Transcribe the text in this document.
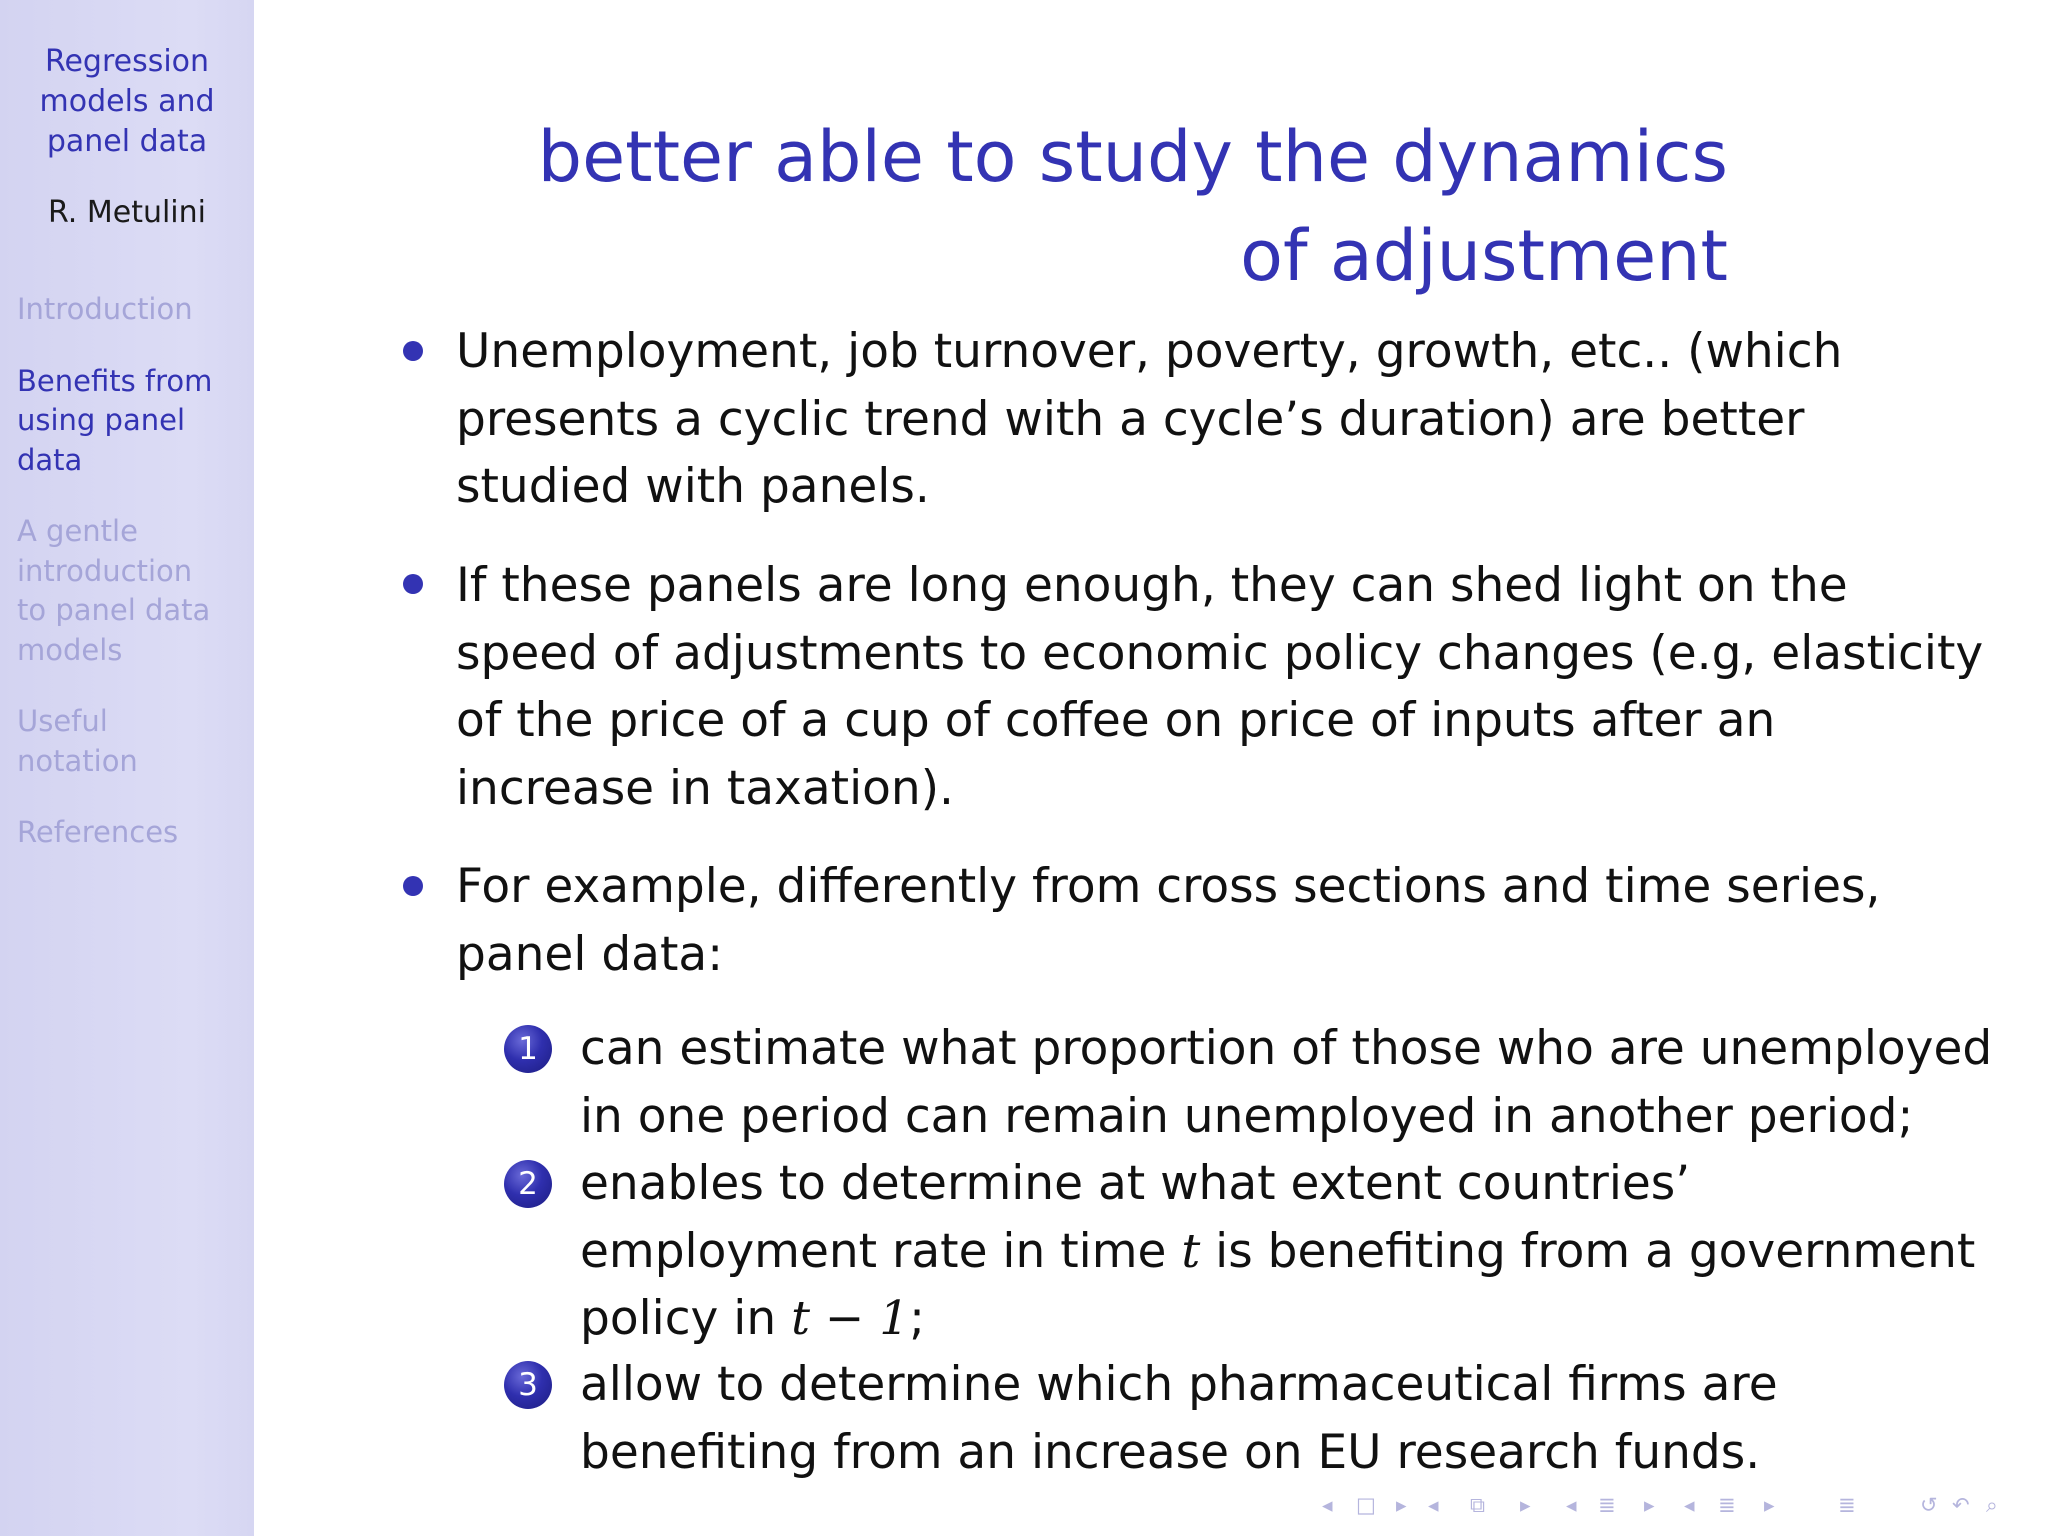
Regression
models and
panel data
R. Metulini
Introduction
Benefits from
using panel
data
A gentle
introduction
to panel data
models
Useful
notation
References
better able to study the dynamics
of adjustment
Unemployment, job turnover, poverty, growth, etc.. (which
presents a cyclic trend with a cycle’s duration) are better
studied with panels.
If these panels are long enough, they can shed light on the
speed of adjustments to economic policy changes (e.g, elasticity
of the price of a cup of coffee on price of inputs after an
increase in taxation).
For example, differently from cross sections and time series,
panel data:
1 can estimate what proportion of those who are unemployed
in one period can remain unemployed in another period;
2 enables to determine at what extent countries’
employment rate in time t is benefiting from a government
policy in t − 1;
3 allow to determine which pharmaceutical firms are
benefiting from an increase on EU research funds.
◂ □ ▸ ◂ ⧉ ▸ ◂ ≣ ▸ ◂ ≣ ▸	≣	↺ ↶ ⌕
